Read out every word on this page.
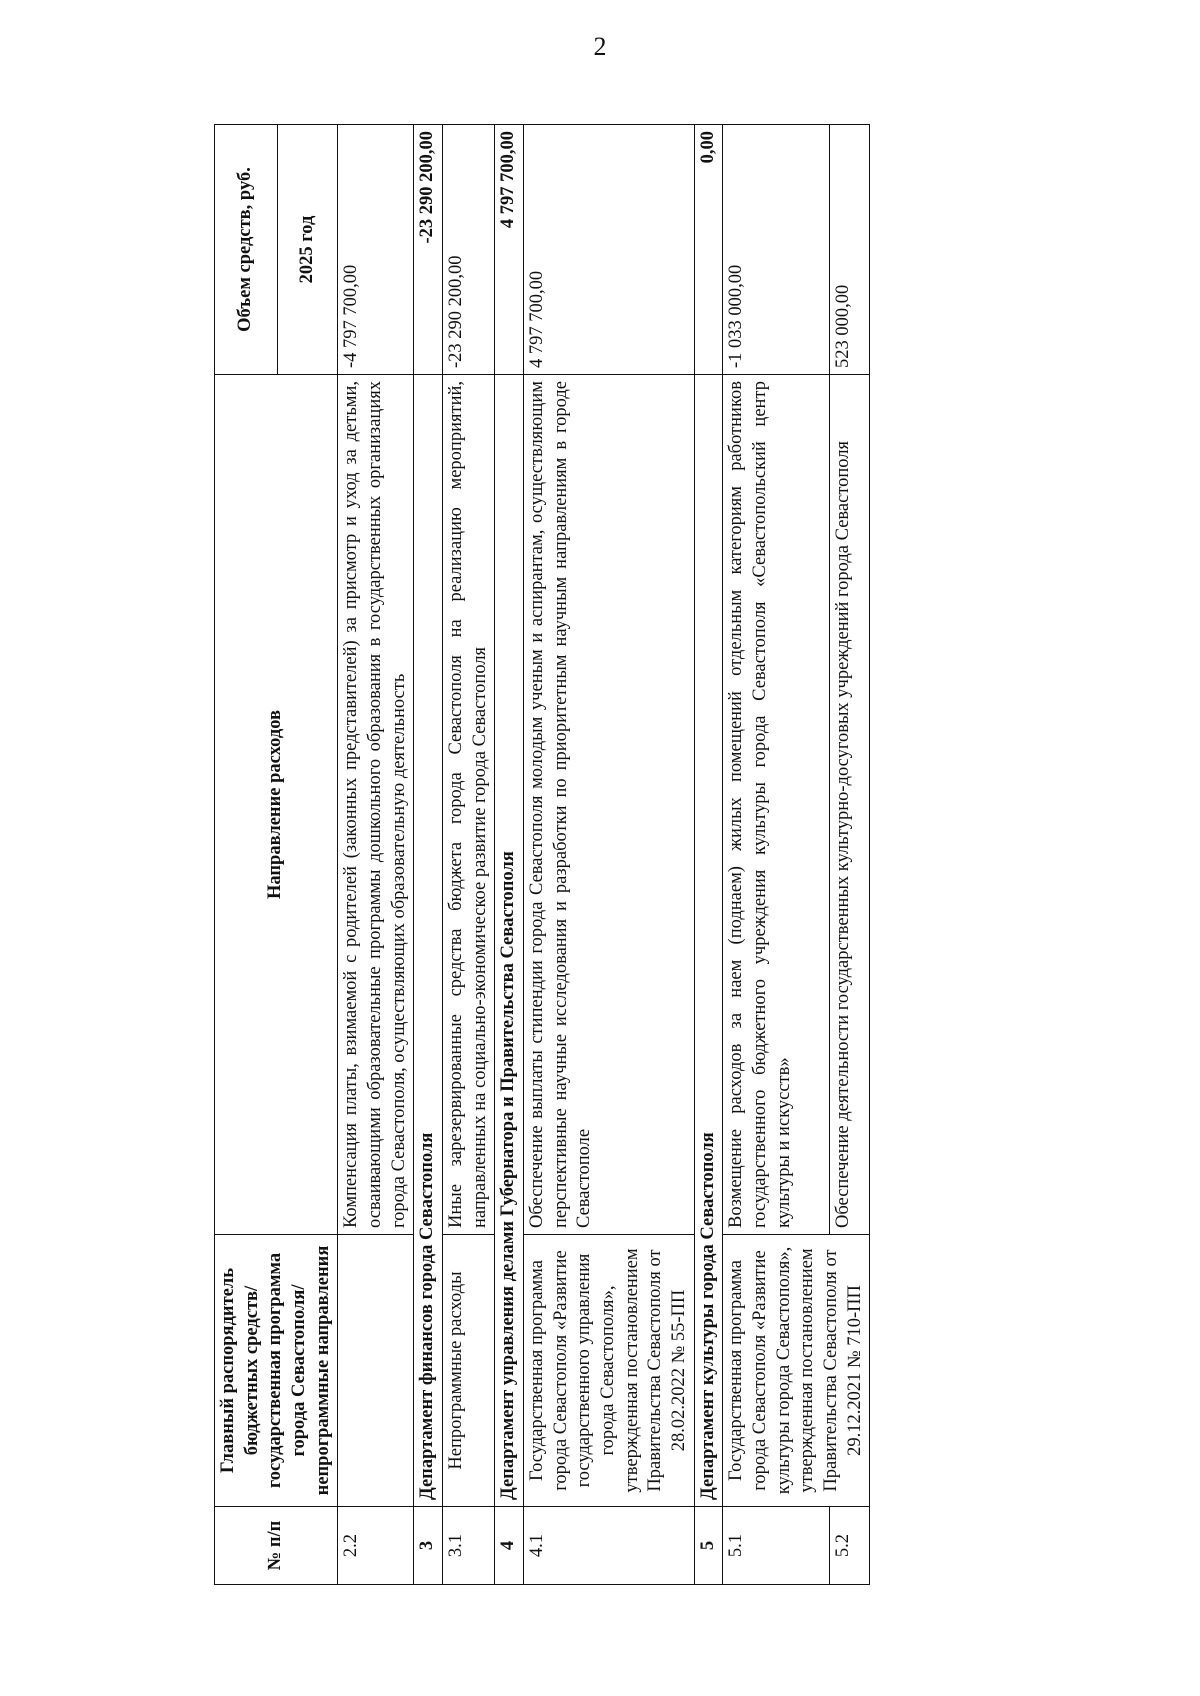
2
№ п/п	Главный распорядитель бюджетных средств/государственная программа города Севастополя/непрограммные направления	Направление расходов	Объем средств, руб.
			2025 год
2.2		Компенсация платы, взимаемой с родителей (законных представителей) за присмотр и уход за детьми, осваивающими образовательные программы дошкольного образования в государственных организациях города Севастополя, осуществляющих образовательную деятельность	-4 797 700,00
3	Департамент финансов города Севастополя		-23 290 200,00
3.1	Непрограммные расходы	Иные зарезервированные средства бюджета города Севастополя на реализацию мероприятий, направленных на социально-экономическое развитие города Севастополя	-23 290 200,00
4	Департамент управления делами Губернатора и Правительства Севастополя		4 797 700,00
4.1	Государственная программа города Севастополя «Развитие государственного управления города Севастополя», утвержденная постановлением Правительства Севастополя от 28.02.2022 № 55-ПП	Обеспечение выплаты стипендии города Севастополя молодым ученым и аспирантам, осуществляющим перспективные научные исследования и разработки по приоритетным научным направлениям в городе Севастополе	4 797 700,00
5	Департамент культуры города Севастополя		0,00
5.1	Государственная программа города Севастополя «Развитие культуры города Севастополя», утвержденная постановлением Правительства Севастополя от 29.12.2021 № 710-ПП	Возмещение расходов за наем (поднаем) жилых помещений отдельным категориям работников государственного бюджетного учреждения культуры города Севастополя «Севастопольский центр культуры и искусств»	-1 033 000,00
5.2		Обеспечение деятельности государственных культурно-досуговых учреждений города Севастополя	523 000,00
